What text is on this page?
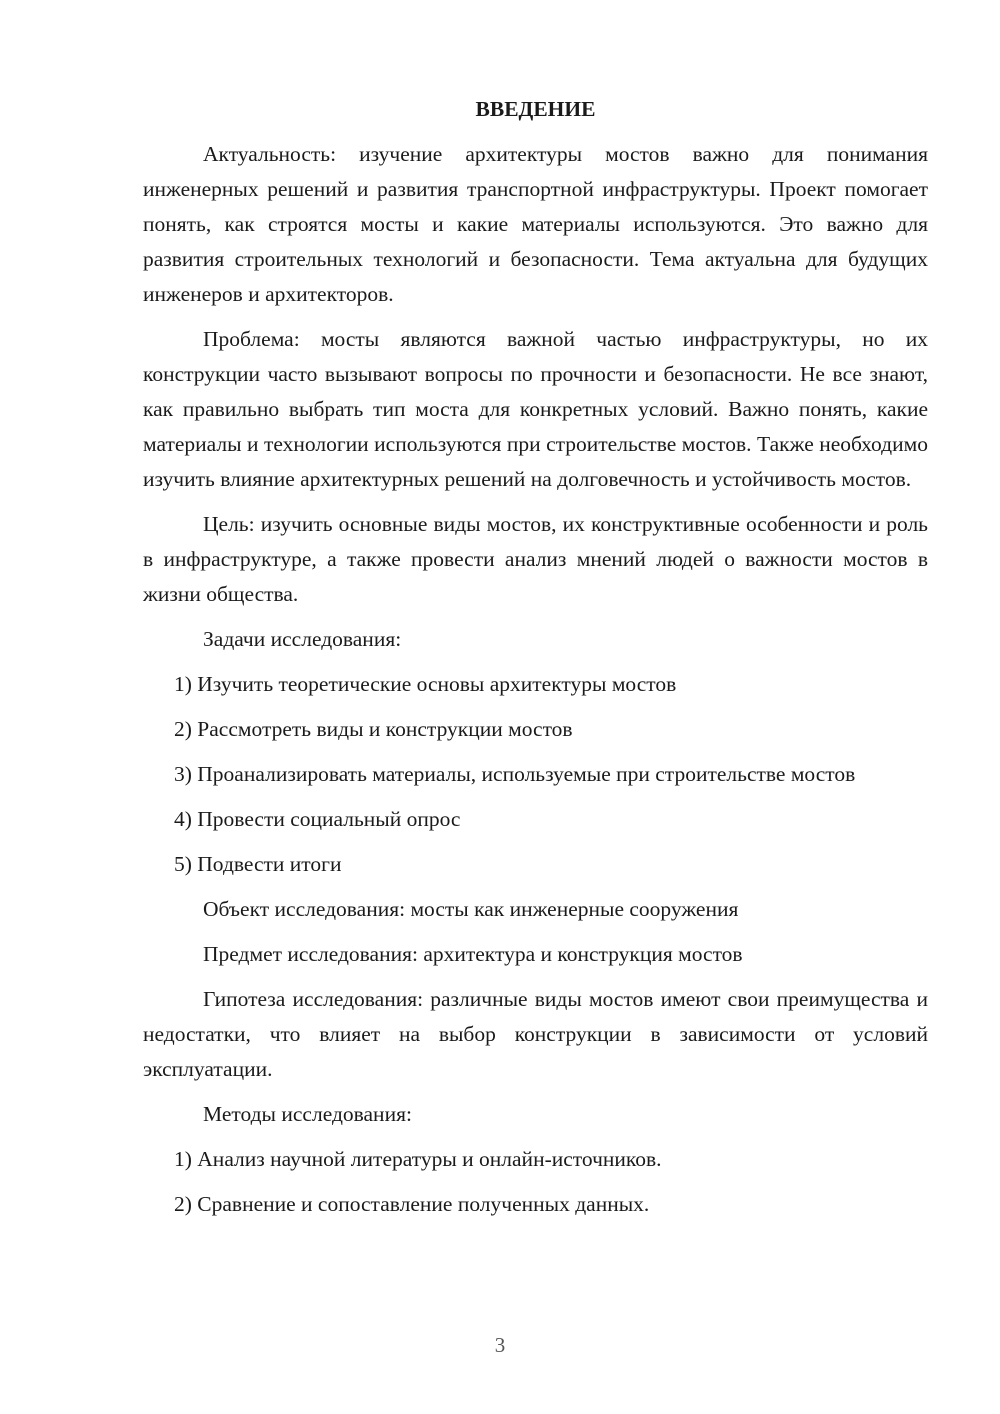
ВВЕДЕНИЕ

Актуальность: изучение архитектуры мостов важно для понимания инженерных решений и развития транспортной инфраструктуры. Проект помогает понять, как строятся мосты и какие материалы используются. Это важно для развития строительных технологий и безопасности. Тема актуальна для будущих инженеров и архитекторов.

Проблема: мосты являются важной частью инфраструктуры, но их конструкции часто вызывают вопросы по прочности и безопасности. Не все знают, как правильно выбрать тип моста для конкретных условий. Важно понять, какие материалы и технологии используются при строительстве мостов. Также необходимо изучить влияние архитектурных решений на долговечность и устойчивость мостов.

Цель: изучить основные виды мостов, их конструктивные особенности и роль в инфраструктуре, а также провести анализ мнений людей о важности мостов в жизни общества.

Задачи исследования:

1) Изучить теоретические основы архитектуры мостов

2) Рассмотреть виды и конструкции мостов

3) Проанализировать материалы, используемые при строительстве мостов

4) Провести социальный опрос

5) Подвести итоги

Объект исследования: мосты как инженерные сооружения

Предмет исследования: архитектура и конструкция мостов

Гипотеза исследования: различные виды мостов имеют свои преимущества и недостатки, что влияет на выбор конструкции в зависимости от условий эксплуатации.

Методы исследования:

1) Анализ научной литературы и онлайн-источников.

2) Сравнение и сопоставление полученных данных.

3
